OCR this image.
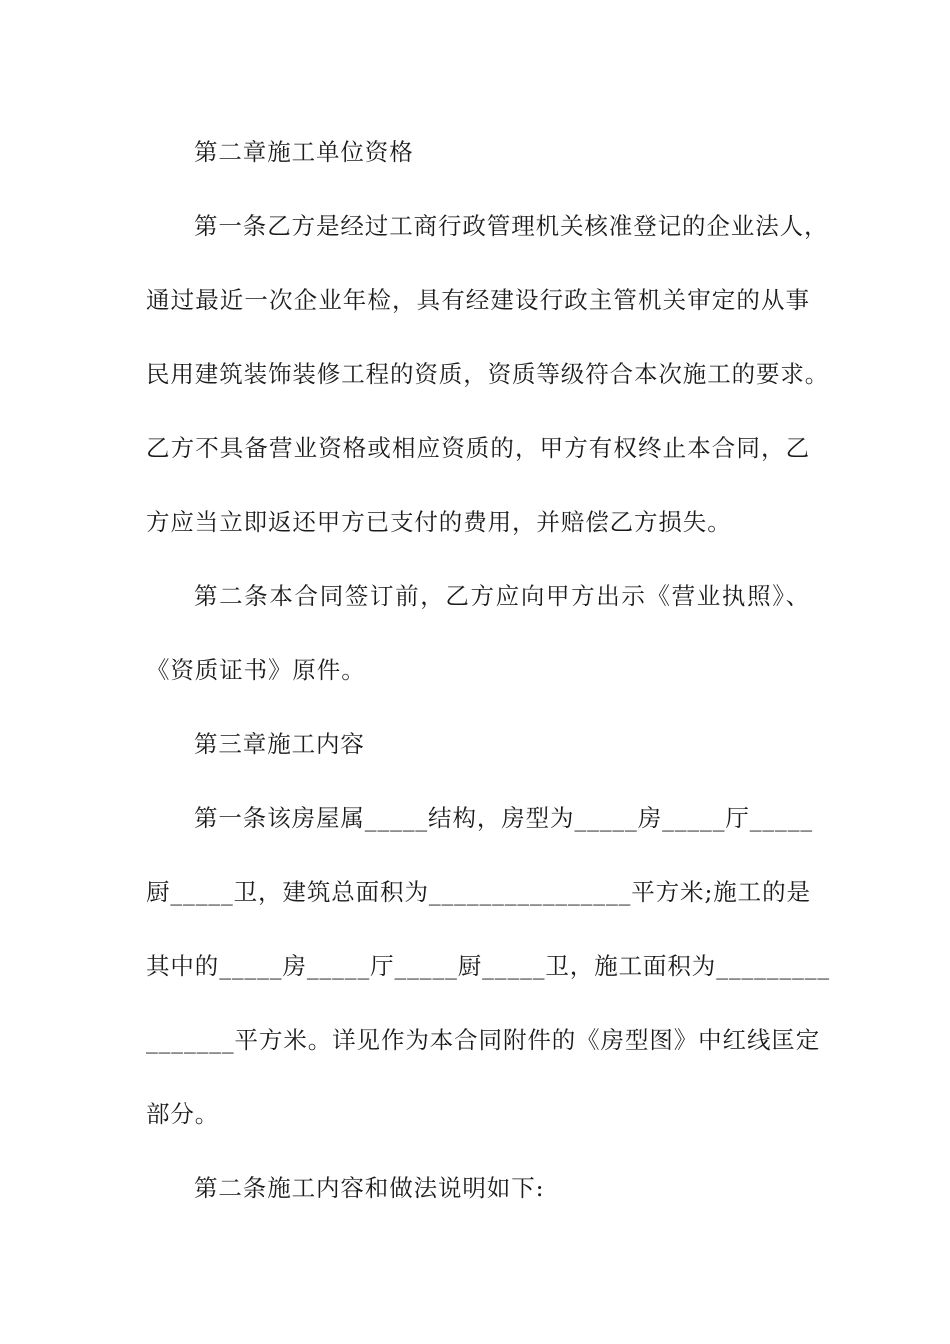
第二章施工单位资格
第一条乙方是经过工商行政管理机关核准登记的企业法人，
通过最近一次企业年检，具有经建设行政主管机关审定的从事
民用建筑装饰装修工程的资质，资质等级符合本次施工的要求。
乙方不具备营业资格或相应资质的，甲方有权终止本合同，乙
方应当立即返还甲方已支付的费用，并赔偿乙方损失。
第二条本合同签订前，乙方应向甲方出示《营业执照》、
《资质证书》原件。
第三章施工内容
第一条该房屋属_____结构，房型为_____房_____厅_____
厨_____卫，建筑总面积为________________平方米;施工的是
其中的_____房_____厅_____厨_____卫，施工面积为_________
_______平方米。详见作为本合同附件的《房型图》中红线匡定
部分。
第二条施工内容和做法说明如下:
